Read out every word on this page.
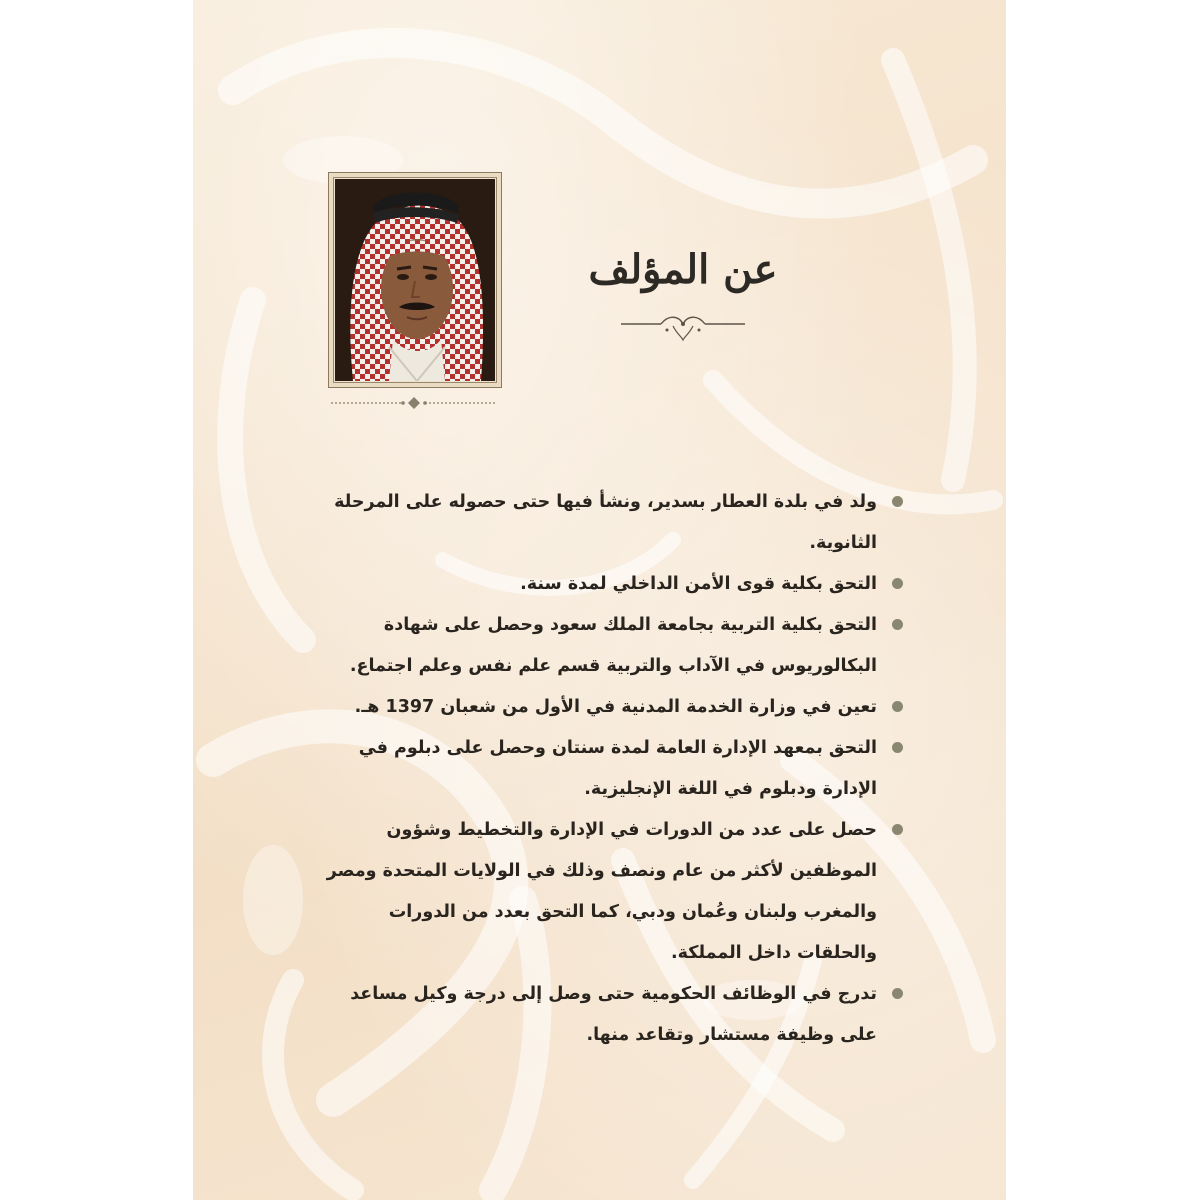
عن المؤلف
ولد في بلدة العطار بسدير، ونشأ فيها حتى حصوله على المرحلة الثانوية.
التحق بكلية قوى الأمن الداخلي لمدة سنة.
التحق بكلية التربية بجامعة الملك سعود وحصل على شهادة البكالوريوس في الآداب والتربية قسم علم نفس وعلم اجتماع.
تعين في وزارة الخدمة المدنية في الأول من شعبان 1397 هـ.
التحق بمعهد الإدارة العامة لمدة سنتان وحصل على دبلوم في الإدارة ودبلوم في اللغة الإنجليزية.
حصل على عدد من الدورات في الإدارة والتخطيط وشؤون الموظفين لأكثر من عام ونصف وذلك في الولايات المتحدة ومصر والمغرب ولبنان وعُمان ودبي، كما التحق بعدد من الدورات والحلقات داخل المملكة.
تدرج في الوظائف الحكومية حتى وصل إلى درجة وكيل مساعد على وظيفة مستشار وتقاعد منها.
